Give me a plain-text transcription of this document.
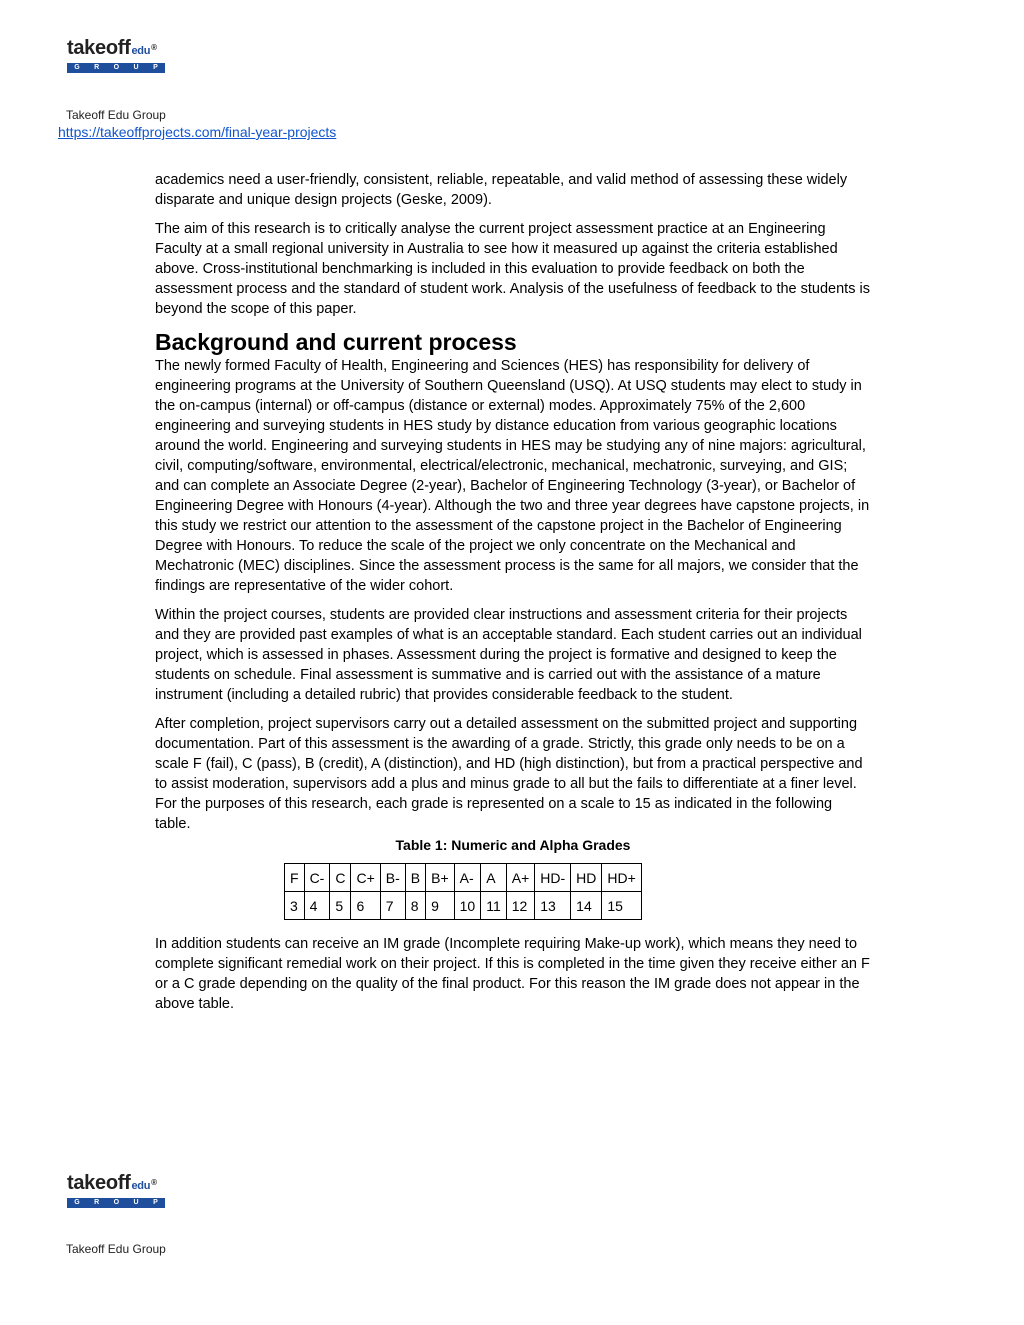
takeoffedu®
G R O U P
Takeoff Edu Group
https://takeoffprojects.com/final-year-projects

academics need a user-friendly, consistent, reliable, repeatable, and valid method of assessing these widely disparate and unique design projects (Geske, 2009).

The aim of this research is to critically analyse the current project assessment practice at an Engineering Faculty at a small regional university in Australia to see how it measured up against the criteria established above. Cross-institutional benchmarking is included in this evaluation to provide feedback on both the assessment process and the standard of student work. Analysis of the usefulness of feedback to the students is beyond the scope of this paper.

Background and current process

The newly formed Faculty of Health, Engineering and Sciences (HES) has responsibility for delivery of engineering programs at the University of Southern Queensland (USQ). At USQ students may elect to study in the on-campus (internal) or off-campus (distance or external) modes. Approximately 75% of the 2,600 engineering and surveying students in HES study by distance education from various geographic locations around the world. Engineering and surveying students in HES may be studying any of nine majors: agricultural, civil, computing/software, environmental, electrical/electronic, mechanical, mechatronic, surveying, and GIS; and can complete an Associate Degree (2-year), Bachelor of Engineering Technology (3-year), or Bachelor of Engineering Degree with Honours (4-year). Although the two and three year degrees have capstone projects, in this study we restrict our attention to the assessment of the capstone project in the Bachelor of Engineering Degree with Honours. To reduce the scale of the project we only concentrate on the Mechanical and Mechatronic (MEC) disciplines. Since the assessment process is the same for all majors, we consider that the findings are representative of the wider cohort.

Within the project courses, students are provided clear instructions and assessment criteria for their projects and they are provided past examples of what is an acceptable standard. Each student carries out an individual project, which is assessed in phases. Assessment during the project is formative and designed to keep the students on schedule. Final assessment is summative and is carried out with the assistance of a mature instrument (including a detailed rubric) that provides considerable feedback to the student.

After completion, project supervisors carry out a detailed assessment on the submitted project and supporting documentation. Part of this assessment is the awarding of a grade. Strictly, this grade only needs to be on a scale F (fail), C (pass), B (credit), A (distinction), and HD (high distinction), but from a practical perspective and to assist moderation, supervisors add a plus and minus grade to all but the fails to differentiate at a finer level. For the purposes of this research, each grade is represented on a scale to 15 as indicated in the following table.

Table 1: Numeric and Alpha Grades
F	C-	C	C+	B-	B	B+	A-	A	A+	HD-	HD	HD+
3	4	5	6	7	8	9	10	11	12	13	14	15

In addition students can receive an IM grade (Incomplete requiring Make-up work), which means they need to complete significant remedial work on their project. If this is completed in the time given they receive either an F or a C grade depending on the quality of the final product. For this reason the IM grade does not appear in the above table.

takeoffedu®
G R O U P
Takeoff Edu Group
